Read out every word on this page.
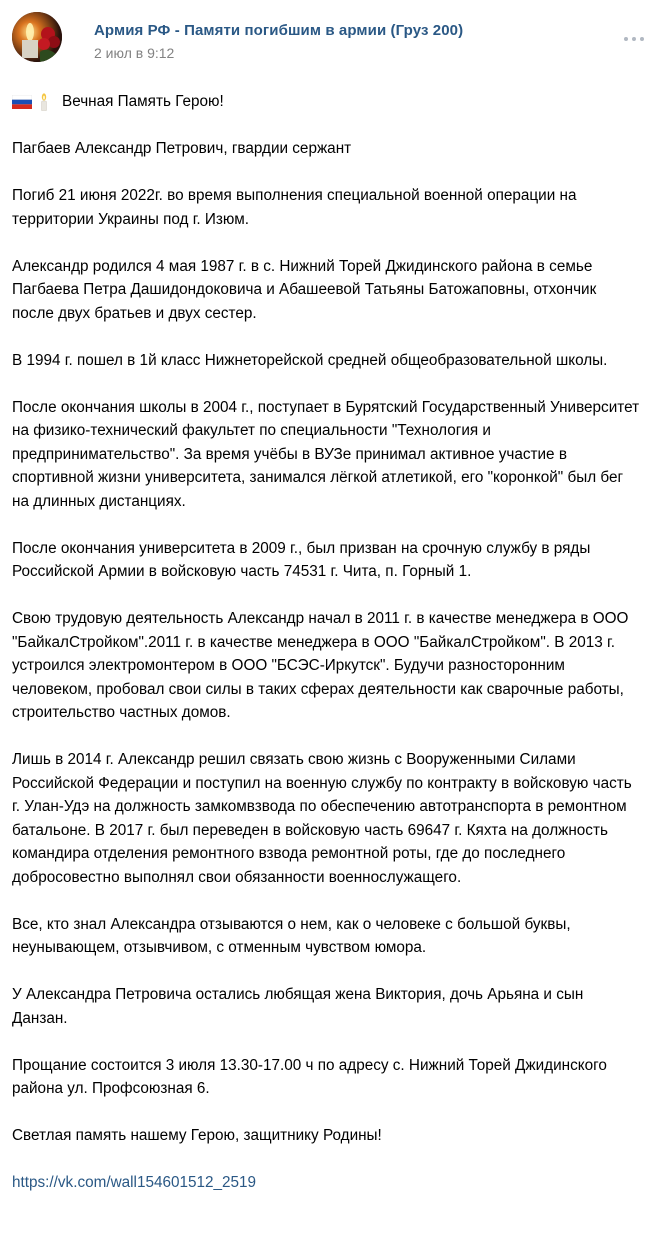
Армия РФ - Памяти погибшим в армии (Груз 200)
2 июл в 9:12

Вечная Память Герою!

Пагбаев Александр Петрович, гвардии сержант

Погиб 21 июня 2022г. во время выполнения специальной военной операции на территории Украины под г. Изюм.

Александр родился 4 мая 1987 г. в с. Нижний Торей Джидинского района в семье Пагбаева Петра Дашидондоковича и Абашеевой Татьяны Батожаповны, отхончик после двух братьев и двух сестер.

В 1994 г. пошел в 1й класс Нижнеторейской средней общеобразовательной школы.

После окончания школы в 2004 г., поступает в Бурятский Государственный Университет на физико-технический факультет по специальности "Технология и предпринимательство". За время учёбы в ВУЗе принимал активное участие в спортивной жизни университета, занимался лёгкой атлетикой, его "коронкой" был бег на длинных дистанциях.

После окончания университета в 2009 г., был призван на срочную службу в ряды Российской Армии в войсковую часть 74531 г. Чита, п. Горный 1.

Свою трудовую деятельность Александр начал в 2011 г. в качестве менеджера в ООО "БайкалСтройком".2011 г. в качестве менеджера в ООО "БайкалСтройком". В 2013 г. устроился электромонтером в ООО "БСЭС-Иркутск". Будучи разносторонним человеком, пробовал свои силы в таких сферах деятельности как сварочные работы, строительство частных домов.

Лишь в 2014 г. Александр решил связать свою жизнь с Вооруженными Силами Российской Федерации и поступил на военную службу по контракту в войсковую часть г. Улан-Удэ на должность замкомвзвода по обеспечению автотранспорта в ремонтном батальоне. В 2017 г. был переведен в войсковую часть 69647 г. Кяхта на должность командира отделения ремонтного взвода ремонтной роты, где до последнего добросовестно выполнял свои обязанности военнослужащего.

Все, кто знал Александра отзываются о нем, как о человеке с большой буквы, неунывающем, отзывчивом, с отменным чувством юмора.

У Александра Петровича остались любящая жена Виктория, дочь Арьяна и сын Данзан.

Прощание состоится 3 июля 13.30-17.00 ч по адресу с. Нижний Торей Джидинского района ул. Профсоюзная 6.

Светлая память нашему Герою, защитнику Родины!

https://vk.com/wall154601512_2519
